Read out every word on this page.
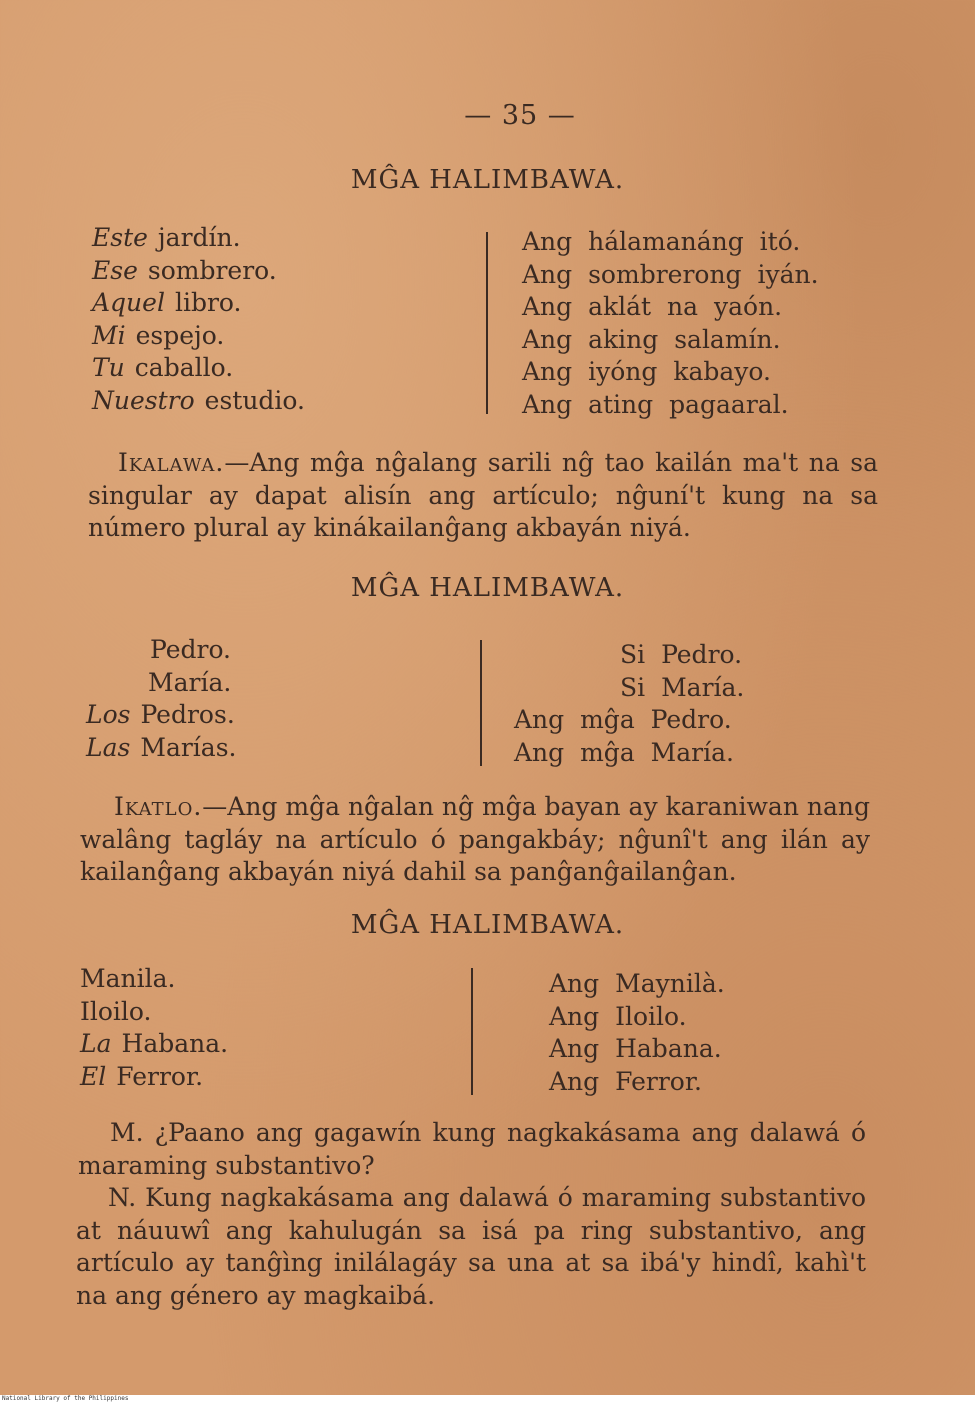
— 35 —
MĜA HALIMBAWA.
Este jardín.
Ese sombrero.
Aquel libro.
Mi espejo.
Tu caballo.
Nuestro estudio.
Ang hálamanáng itó.
Ang sombrerong iyán.
Ang aklát na yaón.
Ang aking salamín.
Ang iyóng kabayo.
Ang ating pagaaral.
Ikalawa.—Ang mĝa nĝalang sarili nĝ tao kailán ma't na sa singular ay dapat alisín ang artículo; nĝuní't kung na sa número plural ay kinákailanĝang akbayán niyá.
MĜA HALIMBAWA.
Pedro.
María.
Los Pedros.
Las Marías.
Si Pedro.
Si María.
Ang mĝa Pedro.
Ang mĝa María.
Ikatlo.—Ang mĝa nĝalan nĝ mĝa bayan ay karaniwan nang walâng tagláy na artículo ó pangakbáy; nĝunî't ang ilán ay kailanĝang akbayán niyá dahil sa panĝanĝailanĝan.
MĜA HALIMBAWA.
Manila.
Iloilo.
La Habana.
El Ferror.
Ang Maynilà.
Ang Iloilo.
Ang Habana.
Ang Ferror.
M. ¿Paano ang gagawín kung nagkakásama ang dalawá ó maraming substantivo?
N. Kung nagkakásama ang dalawá ó maraming substantivo at náuuwî ang kahulugán sa isá pa ring substantivo, ang artículo ay tanĝìng inilálagáy sa una at sa ibá'y hindî, kahì't na ang género ay magkaibá.
National Library of the Philippines
